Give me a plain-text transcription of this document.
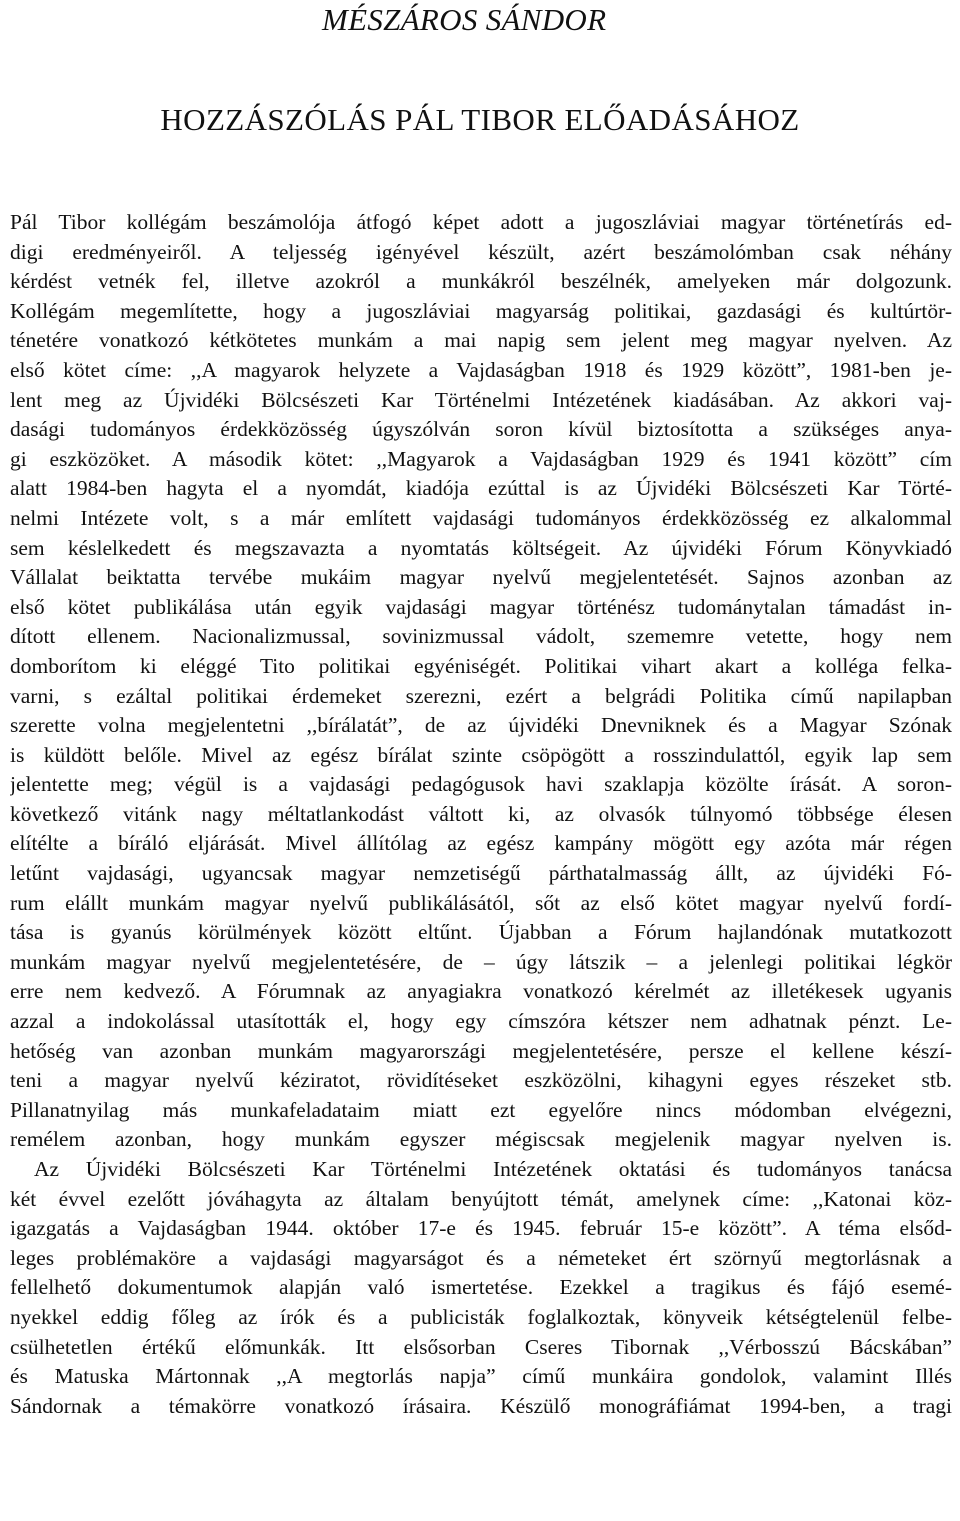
MÉSZÁROS SÁNDOR
HOZZÁSZÓLÁS PÁL TIBOR ELŐADÁSÁHOZ
Pál Tibor kollégám beszámolója átfogó képet adott a jugoszláviai magyar történetírás ed-
digi eredményeiről. A teljesség igényével készült, azért beszámolómban csak néhány
kérdést vetnék fel, illetve azokról a munkákról beszélnék, amelyeken már dolgozunk.
Kollégám megemlítette, hogy a jugoszláviai magyarság politikai, gazdasági és kultúrtör-
ténetére vonatkozó kétkötetes munkám a mai napig sem jelent meg magyar nyelven. Az
első kötet címe: ,,A magyarok helyzete a Vajdaságban 1918 és 1929 között”, 1981-ben je-
lent meg az Újvidéki Bölcsészeti Kar Történelmi Intézetének kiadásában. Az akkori vaj-
dasági tudományos érdekközösség úgyszólván soron kívül biztosította a szükséges anya-
gi eszközöket. A második kötet: ,,Magyarok a Vajdaságban 1929 és 1941 között” cím
alatt 1984-ben hagyta el a nyomdát, kiadója ezúttal is az Újvidéki Bölcsészeti Kar Törté-
nelmi Intézete volt, s a már említett vajdasági tudományos érdekközösség ez alkalommal
sem késlelkedett és megszavazta a nyomtatás költségeit. Az újvidéki Fórum Könyvkiadó
Vállalat beiktatta tervébe mukáim magyar nyelvű megjelentetését. Sajnos azonban az
első kötet publikálása után egyik vajdasági magyar történész tudománytalan támadást in-
dított ellenem. Nacionalizmussal, sovinizmussal vádolt, szememre vetette, hogy nem
domborítom ki eléggé Tito politikai egyéniségét. Politikai vihart akart a kolléga felka-
varni, s ezáltal politikai érdemeket szerezni, ezért a belgrádi Politika című napilapban
szerette volna megjelentetni ,,bírálatát”, de az újvidéki Dnevniknek és a Magyar Szónak
is küldött belőle. Mivel az egész bírálat szinte csöpögött a rosszindulattól, egyik lap sem
jelentette meg; végül is a vajdasági pedagógusok havi szaklapja közölte írását. A soron-
következő vitánk nagy méltatlankodást váltott ki, az olvasók túlnyomó többsége élesen
elítélte a bíráló eljárását. Mivel állítólag az egész kampány mögött egy azóta már régen
letűnt vajdasági, ugyancsak magyar nemzetiségű párthatalmasság állt, az újvidéki Fó-
rum elállt munkám magyar nyelvű publikálásától, sőt az első kötet magyar nyelvű fordí-
tása is gyanús körülmények között eltűnt. Újabban a Fórum hajlandónak mutatkozott
munkám magyar nyelvű megjelentetésére, de – úgy látszik – a jelenlegi politikai légkör
erre nem kedvező. A Fórumnak az anyagiakra vonatkozó kérelmét az illetékesek ugyanis
azzal a indokolással utasították el, hogy egy címszóra kétszer nem adhatnak pénzt. Le-
hetőség van azonban munkám magyarországi megjelentetésére, persze el kellene készí-
teni a magyar nyelvű kéziratot, rövidítéseket eszközölni, kihagyni egyes részeket stb.
Pillanatnyilag más munkafeladataim miatt ezt egyelőre nincs módomban elvégezni,
remélem azonban, hogy munkám egyszer mégiscsak megjelenik magyar nyelven is.
Az Újvidéki Bölcsészeti Kar Történelmi Intézetének oktatási és tudományos tanácsa
két évvel ezelőtt jóváhagyta az általam benyújtott témát, amelynek címe: ,,Katonai köz-
igazgatás a Vajdaságban 1944. október 17-e és 1945. február 15-e között”. A téma elsőd-
leges problémaköre a vajdasági magyarságot és a németeket ért szörnyű megtorlásnak a
fellelhető dokumentumok alapján való ismertetése. Ezekkel a tragikus és fájó esemé-
nyekkel eddig főleg az írók és a publicisták foglalkoztak, könyveik kétségtelenül felbe-
csülhetetlen értékű előmunkák. Itt elsősorban Cseres Tibornak ,,Vérbosszú Bácskában”
és Matuska Mártonnak ,,A megtorlás napja” című munkáira gondolok, valamint Illés
Sándornak a témakörre vonatkozó írásaira. Készülő monográfiámat 1994-ben, a tragi
